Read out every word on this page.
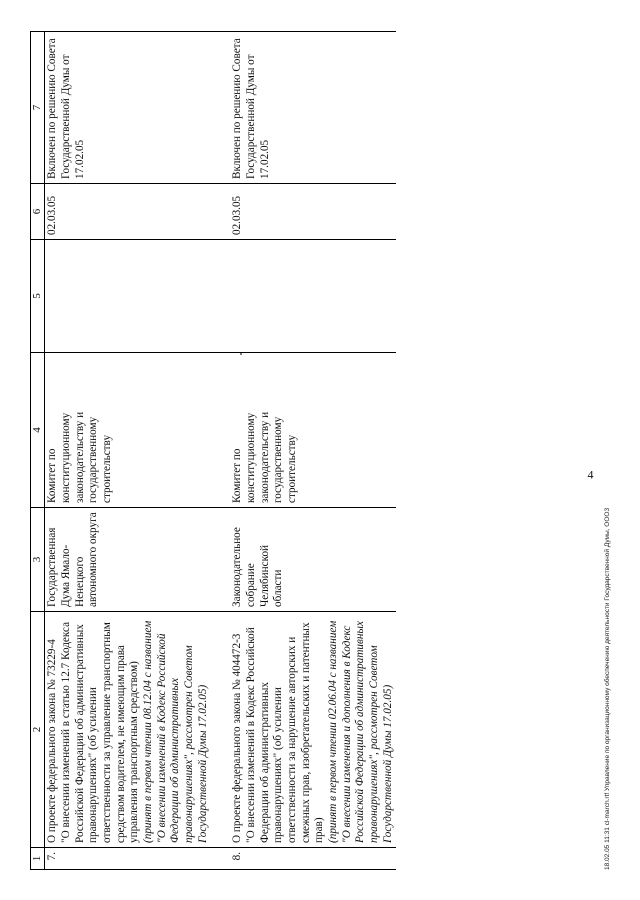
1	2	3	4	5	6	7
7.	О проекте федерального закона № 73229-4 "О внесении изменений в статью 12.7 Кодекса Российской Федерации об административных правонарушениях" (об усилении ответственности за управление транспортным средством водителем, не имеющим права управления транспортным средством) (принят в первом чтении 08.12.04 с названием "О внесении изменений в Кодекс Российской Федерации об административных правонарушениях", рассмотрен Советом Государственной Думы 17.02.05)	Государственная Дума Ямало-Ненецкого автономного округа	Комитет по конституционному законодательству и государственному строительству		02.03.05	Включен по решению Совета Государственной Думы от 17.02.05
8.	О проекте федерального закона № 404472-3 "О внесении изменений в Кодекс Российской Федерации об административных правонарушениях" (об усилении ответственности за нарушение авторских и смежных прав, изобретательских и патентных прав) (принят в первом чтении 02.06.04 с названием "О внесении изменения и дополнения в Кодекс Российской Федерации об административных правонарушениях", рассмотрен Советом Государственной Думы 17.02.05)	Законодательное собрание Челябинской области	Комитет по конституционному законодательству и государственному строительству		02.03.05	Включен по решению Совета Государственной Думы от 17.02.05
4
18.02.05 11:31 cl-march.rtf Управление по организационному обеспечению деятельности Государственной Думы, ООО3
